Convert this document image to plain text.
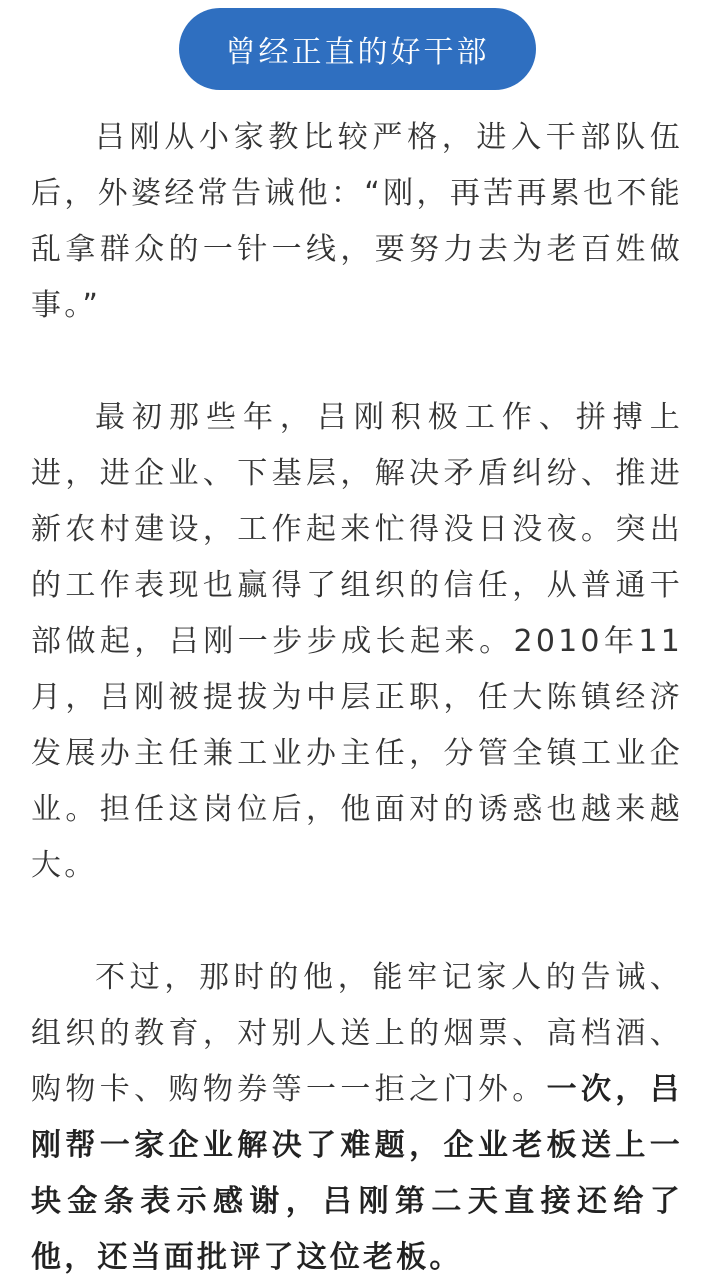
曾经正直的好干部

吕刚从小家教比较严格，进入干部队伍后，外婆经常告诫他：“刚，再苦再累也不能乱拿群众的一针一线，要努力去为老百姓做事。”

最初那些年，吕刚积极工作、拼搏上进，进企业、下基层，解决矛盾纠纷、推进新农村建设，工作起来忙得没日没夜。突出的工作表现也赢得了组织的信任，从普通干部做起，吕刚一步步成长起来。2010年11月，吕刚被提拔为中层正职，任大陈镇经济发展办主任兼工业办主任，分管全镇工业企业。担任这岗位后，他面对的诱惑也越来越大。

不过，那时的他，能牢记家人的告诫、组织的教育，对别人送上的烟票、高档酒、购物卡、购物券等一一拒之门外。一次，吕刚帮一家企业解决了难题，企业老板送上一块金条表示感谢，吕刚第二天直接还给了他，还当面批评了这位老板。
